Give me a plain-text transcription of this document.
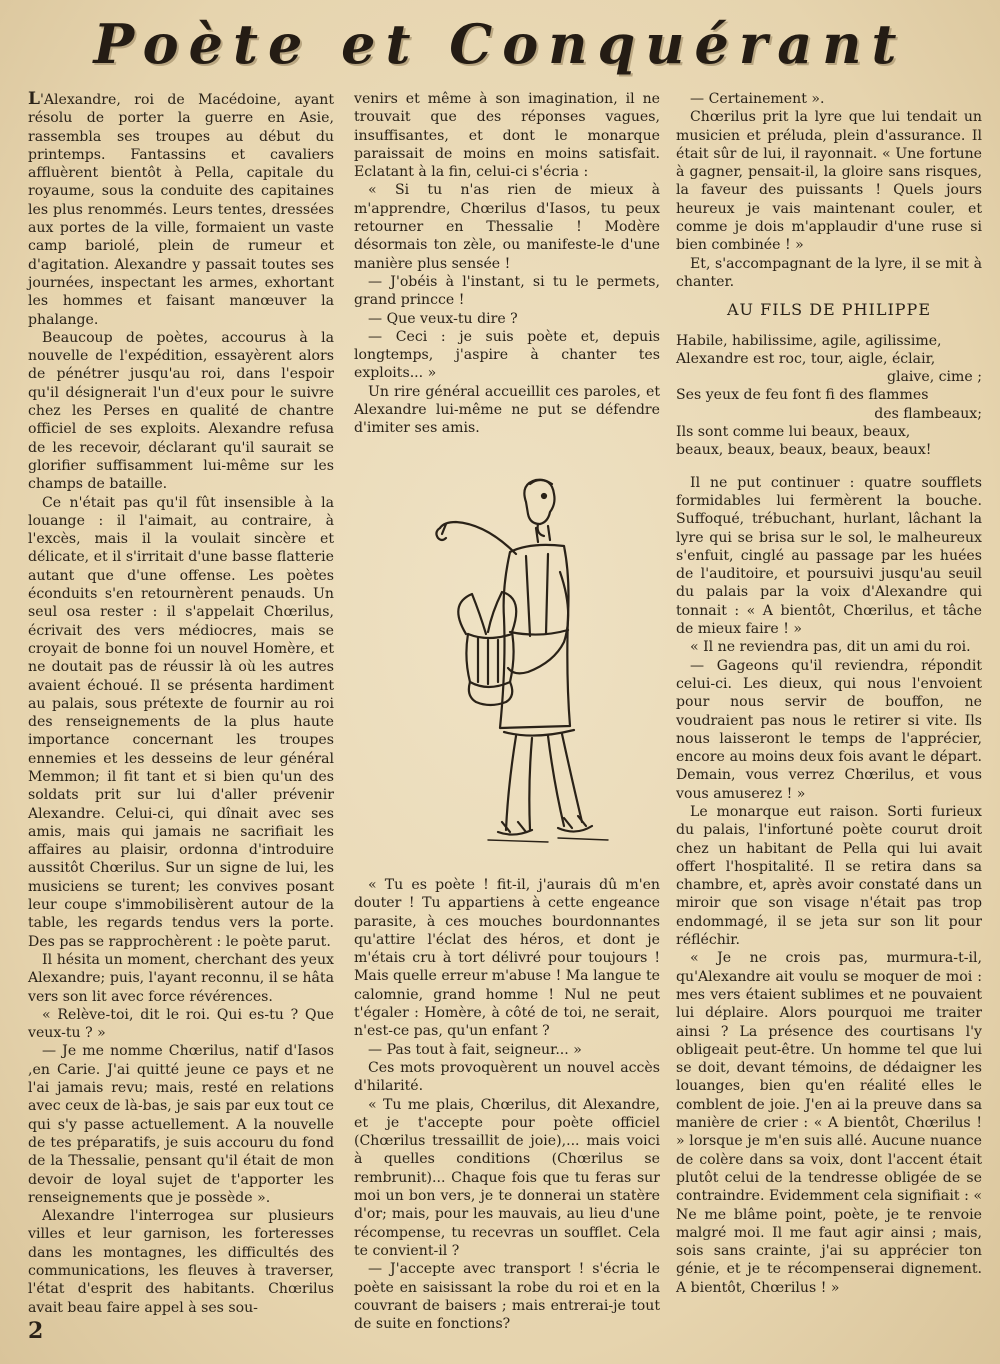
Poète et Conquérant

L'Alexandre, roi de Macédoine, ayant résolu de porter la guerre en Asie, rassembla ses troupes au début du printemps. Fantassins et cavaliers affluèrent bientôt à Pella, capitale du royaume, sous la conduite des capitaines les plus renommés. Leurs tentes, dressées aux portes de la ville, formaient un vaste camp bariolé, plein de rumeur et d'agitation. Alexandre y passait toutes ses journées, inspectant les armes, exhortant les hommes et faisant manœuver la phalange.

Beaucoup de poètes, accourus à la nouvelle de l'expédition, essayèrent alors de pénétrer jusqu'au roi, dans l'espoir qu'il désignerait l'un d'eux pour le suivre chez les Perses en qualité de chantre officiel de ses exploits. Alexandre refusa de les recevoir, déclarant qu'il saurait se glorifier suffisamment lui-même sur les champs de bataille.

Ce n'était pas qu'il fût insensible à la louange : il l'aimait, au contraire, à l'excès, mais il la voulait sincère et délicate, et il s'irritait d'une basse flatterie autant que d'une offense. Les poètes éconduits s'en retournèrent penauds. Un seul osa rester : il s'appelait Chœrilus, écrivait des vers médiocres, mais se croyait de bonne foi un nouvel Homère, et ne doutait pas de réussir là où les autres avaient échoué. Il se présenta hardiment au palais, sous prétexte de fournir au roi des renseignements de la plus haute importance concernant les troupes ennemies et les desseins de leur général Memmon; il fit tant et si bien qu'un des soldats prit sur lui d'aller prévenir Alexandre. Celui-ci, qui dînait avec ses amis, mais qui jamais ne sacrifiait les affaires au plaisir, ordonna d'introduire aussitôt Chœrilus. Sur un signe de lui, les musiciens se turent; les convives posant leur coupe s'immobilisèrent autour de la table, les regards tendus vers la porte. Des pas se rapprochèrent : le poète parut.

Il hésita un moment, cherchant des yeux Alexandre; puis, l'ayant reconnu, il se hâta vers son lit avec force révérences.

« Relève-toi, dit le roi. Qui es-tu ? Que veux-tu ? »

— Je me nomme Chœrilus, natif d'Iasos ,en Carie. J'ai quitté jeune ce pays et ne l'ai jamais revu; mais, resté en relations avec ceux de là-bas, je sais par eux tout ce qui s'y passe actuellement. A la nouvelle de tes préparatifs, je suis accouru du fond de la Thessalie, pensant qu'il était de mon devoir de loyal sujet de t'apporter les renseignements que je possède ».

Alexandre l'interrogea sur plusieurs villes et leur garnison, les forteresses dans les montagnes, les difficultés des communications, les fleuves à traverser, l'état d'esprit des habitants. Chœrilus avait beau faire appel à ses sou-

venirs et même à son imagination, il ne trouvait que des réponses vagues, insuffisantes, et dont le monarque paraissait de moins en moins satisfait. Eclatant à la fin, celui-ci s'écria :

« Si tu n'as rien de mieux à m'apprendre, Chœrilus d'Iasos, tu peux retourner en Thessalie ! Modère désormais ton zèle, ou manifeste-le d'une manière plus sensée !

— J'obéis à l'instant, si tu le permets, grand princce !

— Que veux-tu dire ?

— Ceci : je suis poète et, depuis longtemps, j'aspire à chanter tes exploits... »

Un rire général accueillit ces paroles, et Alexandre lui-même ne put se défendre d'imiter ses amis.

« Tu es poète ! fit-il, j'aurais dû m'en douter ! Tu appartiens à cette engeance parasite, à ces mouches bourdonnantes qu'attire l'éclat des héros, et dont je m'étais cru à tort délivré pour toujours ! Mais quelle erreur m'abuse ! Ma langue te calomnie, grand homme ! Nul ne peut t'égaler : Homère, à côté de toi, ne serait, n'est-ce pas, qu'un enfant ?

— Pas tout à fait, seigneur... »

Ces mots provoquèrent un nouvel accès d'hilarité.

« Tu me plais, Chœrilus, dit Alexandre, et je t'accepte pour poète officiel (Chœrilus tressaillit de joie),... mais voici à quelles conditions (Chœrilus se rembrunit)... Chaque fois que tu feras sur moi un bon vers, je te donnerai un statère d'or; mais, pour les mauvais, au lieu d'une récompense, tu recevras un soufflet. Cela te convient-il ?

— J'accepte avec transport ! s'écria le poète en saisissant la robe du roi et en la couvrant de baisers ; mais entrerai-je tout de suite en fonctions?

— Certainement ».

Chœrilus prit la lyre que lui tendait un musicien et préluda, plein d'assurance. Il était sûr de lui, il rayonnait. « Une fortune à gagner, pensait-il, la gloire sans risques, la faveur des puissants ! Quels jours heureux je vais maintenant couler, et comme je dois m'applaudir d'une ruse si bien combinée ! »

Et, s'accompagnant de la lyre, il se mit à chanter.

AU FILS DE PHILIPPE

Habile, habilissime, agile, agilissime,
Alexandre est roc, tour, aigle, éclair,
glaive, cime ;
Ses yeux de feu font fi des flammes
des flambeaux;
Ils sont comme lui beaux, beaux,
beaux, beaux, beaux, beaux, beaux!

Il ne put continuer : quatre soufflets formidables lui fermèrent la bouche. Suffoqué, trébuchant, hurlant, lâchant la lyre qui se brisa sur le sol, le malheureux s'enfuit, cinglé au passage par les huées de l'auditoire, et poursuivi jusqu'au seuil du palais par la voix d'Alexandre qui tonnait : « A bientôt, Chœrilus, et tâche de mieux faire ! »

« Il ne reviendra pas, dit un ami du roi.

— Gageons qu'il reviendra, répondit celui-ci. Les dieux, qui nous l'envoient pour nous servir de bouffon, ne voudraient pas nous le retirer si vite. Ils nous laisseront le temps de l'apprécier, encore au moins deux fois avant le départ. Demain, vous verrez Chœrilus, et vous vous amuserez ! »

Le monarque eut raison. Sorti furieux du palais, l'infortuné poète courut droit chez un habitant de Pella qui lui avait offert l'hospitalité. Il se retira dans sa chambre, et, après avoir constaté dans un miroir que son visage n'était pas trop endommagé, il se jeta sur son lit pour réfléchir.

« Je ne crois pas, murmura-t-il, qu'Alexandre ait voulu se moquer de moi : mes vers étaient sublimes et ne pouvaient lui déplaire. Alors pourquoi me traiter ainsi ? La présence des courtisans l'y obligeait peut-être. Un homme tel que lui se doit, devant témoins, de dédaigner les louanges, bien qu'en réalité elles le comblent de joie. J'en ai la preuve dans sa manière de crier : « A bientôt, Chœrilus ! » lorsque je m'en suis allé. Aucune nuance de colère dans sa voix, dont l'accent était plutôt celui de la tendresse obligée de se contraindre. Evidemment cela signifiait : « Ne me blâme point, poète, je te renvoie malgré moi. Il me faut agir ainsi ; mais, sois sans crainte, j'ai su apprécier ton génie, et je te récompenserai dignement. A bientôt, Chœrilus ! »

2
